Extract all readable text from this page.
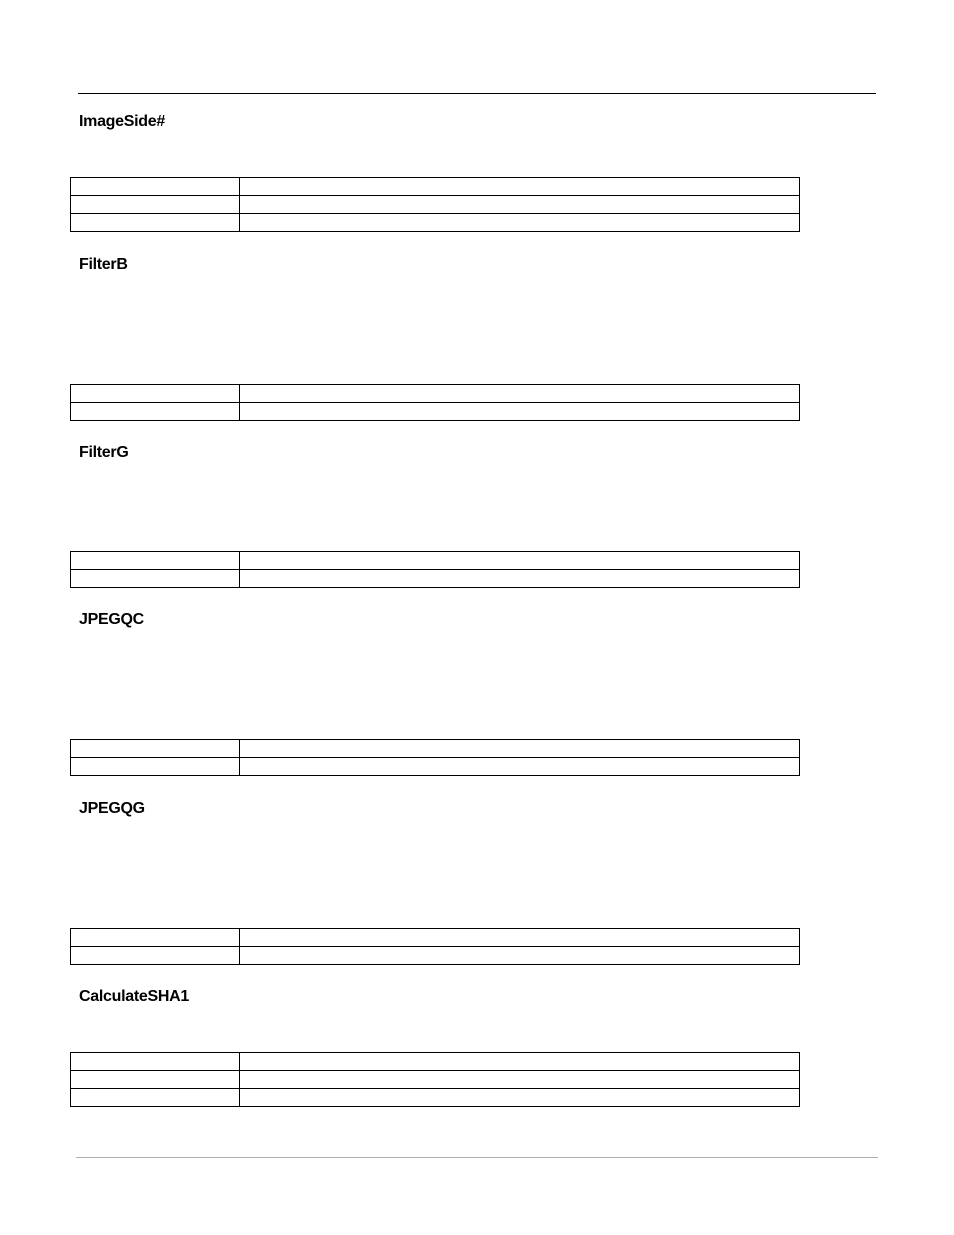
ImageSide#

FilterB

FilterG

JPEGQC

JPEGQG

CalculateSHA1
